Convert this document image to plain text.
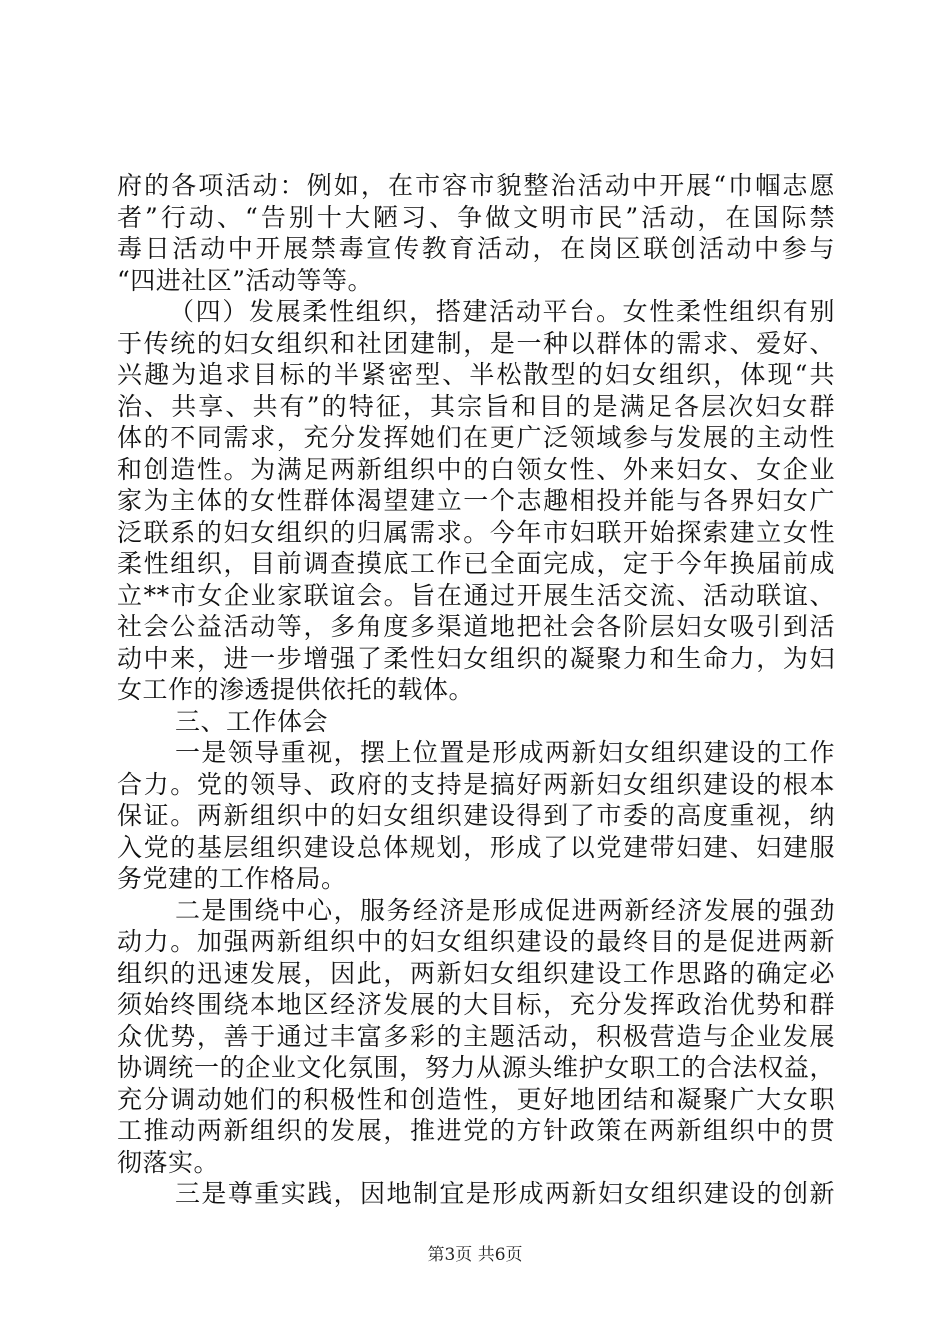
府的各项活动：例如，在市容市貌整治活动中开展“巾帼志愿
者”行动、“告别十大陋习、争做文明市民”活动，在国际禁
毒日活动中开展禁毒宣传教育活动，在岗区联创活动中参与
“四进社区”活动等等。
（四）发展柔性组织，搭建活动平台。女性柔性组织有别
于传统的妇女组织和社团建制，是一种以群体的需求、爱好、
兴趣为追求目标的半紧密型、半松散型的妇女组织，体现“共
治、共享、共有”的特征，其宗旨和目的是满足各层次妇女群
体的不同需求，充分发挥她们在更广泛领域参与发展的主动性
和创造性。为满足两新组织中的白领女性、外来妇女、女企业
家为主体的女性群体渴望建立一个志趣相投并能与各界妇女广
泛联系的妇女组织的归属需求。今年市妇联开始探索建立女性
柔性组织，目前调查摸底工作已全面完成，定于今年换届前成
立**市女企业家联谊会。旨在通过开展生活交流、活动联谊、
社会公益活动等，多角度多渠道地把社会各阶层妇女吸引到活
动中来，进一步增强了柔性妇女组织的凝聚力和生命力，为妇
女工作的渗透提供依托的载体。
三、工作体会
一是领导重视，摆上位置是形成两新妇女组织建设的工作
合力。党的领导、政府的支持是搞好两新妇女组织建设的根本
保证。两新组织中的妇女组织建设得到了市委的高度重视，纳
入党的基层组织建设总体规划，形成了以党建带妇建、妇建服
务党建的工作格局。
二是围绕中心，服务经济是形成促进两新经济发展的强劲
动力。加强两新组织中的妇女组织建设的最终目的是促进两新
组织的迅速发展，因此，两新妇女组织建设工作思路的确定必
须始终围绕本地区经济发展的大目标，充分发挥政治优势和群
众优势，善于通过丰富多彩的主题活动，积极营造与企业发展
协调统一的企业文化氛围，努力从源头维护女职工的合法权益，
充分调动她们的积极性和创造性，更好地团结和凝聚广大女职
工推动两新组织的发展，推进党的方针政策在两新组织中的贯
彻落实。
三是尊重实践，因地制宜是形成两新妇女组织建设的创新
第3页 共6页
